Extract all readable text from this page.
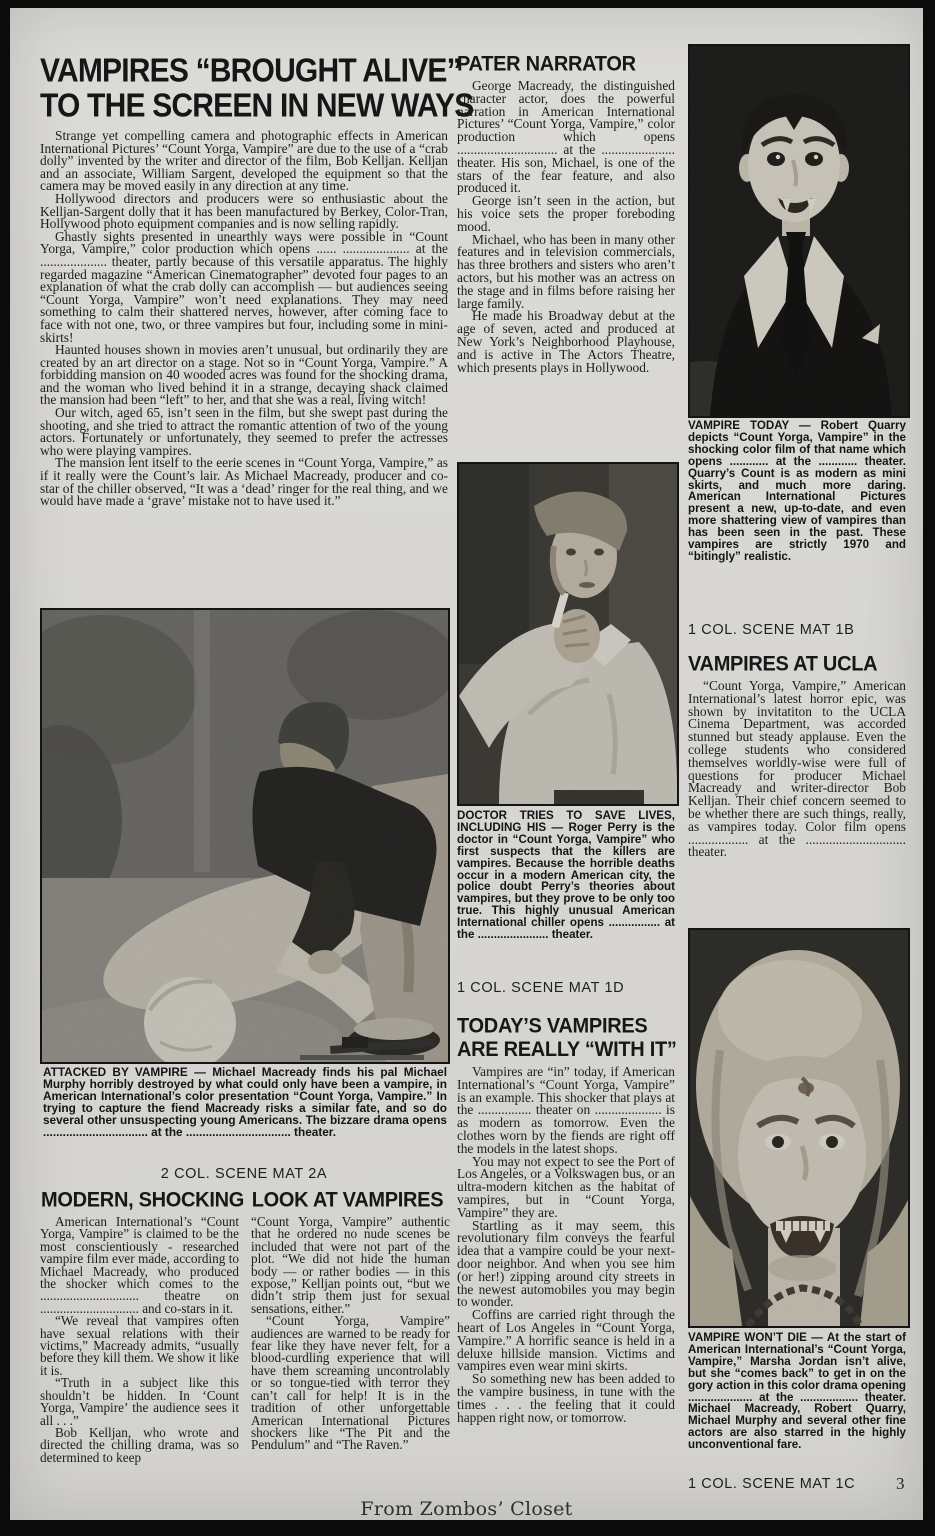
VAMPIRES “BROUGHT ALIVE”
TO THE SCREEN IN NEW WAYS

Strange yet compelling camera and photographic effects in American International Pictures’ “Count Yorga, Vampire” are due to the use of a “crab dolly” invented by the writer and director of the film, Bob Kelljan. Kelljan and an associate, William Sargent, developed the equipment so that the camera may be moved easily in any direction at any time.

Hollywood directors and producers were so enthusiastic about the Kelljan-Sargent dolly that it has been manufactured by Berkey, Color-Tran, Hollywood photo equipment companies and is now selling rapidly.

Ghastly sights presented in unearthly ways were possible in “Count Yorga, Vampire,” color production which opens ...... .................... at the .................... theater, partly because of this versatile apparatus. The highly regarded magazine “American Cinematographer” devoted four pages to an explanation of what the crab dolly can accomplish — but audiences seeing “Count Yorga, Vampire” won’t need explanations. They may need something to calm their shattered nerves, however, after coming face to face with not one, two, or three vampires but four, including some in mini-skirts!

Haunted houses shown in movies aren’t unusual, but ordinarily they are created by an art director on a stage. Not so in “Count Yorga, Vampire.” A forbidding mansion on 40 wooded acres was found for the shocking drama, and the woman who lived behind it in a strange, decaying shack claimed the mansion had been “left” to her, and that she was a real, living witch!

Our witch, aged 65, isn’t seen in the film, but she swept past during the shooting, and she tried to attract the romantic attention of two of the young actors. Fortunately or unfortunately, they seemed to prefer the actresses who were playing vampires.

The mansion lent itself to the eerie scenes in “Count Yorga, Vampire,” as if it really were the Count’s lair. As Michael Macready, producer and co-star of the chiller observed, “It was a ‘dead’ ringer for the real thing, and we would have made a ‘grave’ mistake not to have used it.”

ATTACKED BY VAMPIRE — Michael Macready finds his pal Michael Murphy horribly destroyed by what could only have been a vampire, in American International’s color presentation “Count Yorga, Vampire.” In trying to capture the fiend Macready risks a similar fate, and so do several other unsuspecting young Americans. The bizzare drama opens ................................ at the ................................ theater.
2 COL. SCENE MAT 2A
MODERN, SHOCKING LOOK AT VAMPIRES

American International’s “Count Yorga, Vampire” is claimed to be the most conscientiously - researched vampire film ever made, according to Michael Macready, who produced the shocker which comes to the .............................. theatre on .............................. and co-stars in it.

“We reveal that vampires often have sexual relations with their victims,” Macready admits, “usually before they kill them. We show it like it is.

“Truth in a subject like this shouldn’t be hidden. In ‘Count Yorga, Vampire’ the audience sees it all . . .”

Bob Kelljan, who wrote and directed the chilling drama, was so determined to keep

“Count Yorga, Vampire” authentic that he ordered no nude scenes be included that were not part of the plot. “We did not hide the human body — or rather bodies — in this expose,” Kelljan points out, “but we didn’t strip them just for sexual sensations, either.”

“Count Yorga, Vampire” audiences are warned to be ready for fear like they have never felt, for a blood-curdling experience that will have them screaming uncontrolably or so tongue-tied with terror they can’t call for help! It is in the tradition of other unforgettable American International Pictures shockers like “The Pit and the Pendulum” and “The Raven.”

PATER NARRATOR

George Macready, the distinguished character actor, does the powerful narration in American International Pictures’ “Count Yorga, Vampire,” color production which opens .............................. at the ...................... theater. His son, Michael, is one of the stars of the fear feature, and also produced it.

George isn’t seen in the action, but his voice sets the proper foreboding mood.

Michael, who has been in many other features and in television commercials, has three brothers and sisters who aren’t actors, but his mother was an actress on the stage and in films before raising her large family.

He made his Broadway debut at the age of seven, acted and produced at New York’s Neighborhood Playhouse, and is active in The Actors Theatre, which presents plays in Hollywood.

DOCTOR TRIES TO SAVE LIVES, INCLUDING HIS — Roger Perry is the doctor in “Count Yorga, Vampire” who first suspects that the killers are vampires. Because the horrible deaths occur in a modern American city, the police doubt Perry’s theories about vampires, but they prove to be only too true. This highly unusual American International chiller opens ................ at the ...................... theater.
1 COL. SCENE MAT 1D
TODAY’S VAMPIRES
ARE REALLY “WITH IT”

Vampires are “in” today, if American International’s “Count Yorga, Vampire” is an example. This shocker that plays at the ................ theater on .................... is as modern as tomorrow. Even the clothes worn by the fiends are right off the models in the latest shops.

You may not expect to see the Port of Los Angeles, or a Volkswagen bus, or an ultra-modern kitchen as the habitat of vampires, but in “Count Yorga, Vampire” they are.

Startling as it may seem, this revolutionary film conveys the fearful idea that a vampire could be your next-door neighbor. And when you see him (or her!) zipping around city streets in the newest automobiles you may begin to wonder.

Coffins are carried right through the heart of Los Angeles in “Count Yorga, Vampire.” A horrific seance is held in a deluxe hillside mansion. Victims and vampires even wear mini skirts.

So something new has been added to the vampire business, in tune with the times . . . the feeling that it could happen right now, or tomorrow.

VAMPIRE TODAY — Robert Quarry depicts “Count Yorga, Vampire” in the shocking color film of that name which opens ............ at the ............ theater. Quarry’s Count is as modern as mini skirts, and much more daring. American International Pictures present a new, up-to-date, and even more shattering view of vampires than has been seen in the past. These vampires are strictly 1970 and “bitingly” realistic.
1 COL. SCENE MAT 1B
VAMPIRES AT UCLA

“Count Yorga, Vampire,” American International’s latest horror epic, was shown by invitatiton to the UCLA Cinema Department, was accorded stunned but steady applause. Even the college students who considered themselves worldly-wise were full of questions for producer Michael Macready and writer-director Bob Kelljan. Their chief concern seemed to be whether there are such things, really, as vampires today. Color film opens .................. at the .............................. theater.

VAMPIRE WON’T DIE — At the start of American International’s “Count Yorga, Vampire,” Marsha Jordan isn’t alive, but she “comes back” to get in on the gory action in this color drama opening .................... at the .................. theater. Michael Macready, Robert Quarry, Michael Murphy and several other fine actors are also starred in the highly unconventional fare.
1 COL. SCENE MAT 1C 3
From Zombos’ Closet
